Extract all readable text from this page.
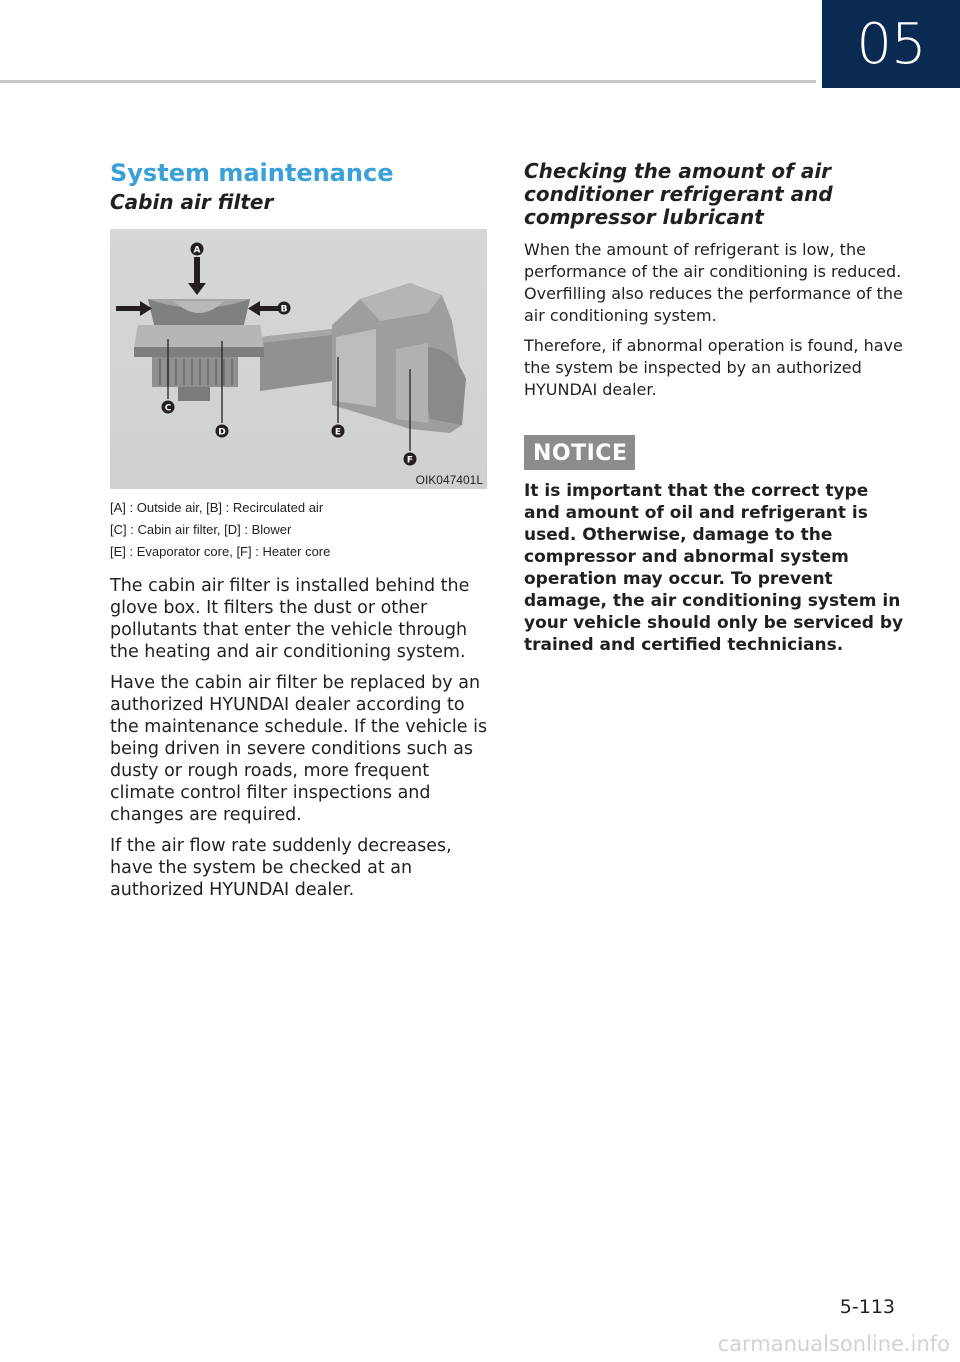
05
System maintenance
Cabin air filter
A
B
C
D	E
F
OIK047401L
[A] : Outside air, [B] : Recirculated air
[C] : Cabin air filter, [D] : Blower
[E] : Evaporator core, [F] : Heater core

The cabin air filter is installed behind the glove box. It filters the dust or other pollutants that enter the vehicle through the heating and air conditioning system.

Have the cabin air filter be replaced by an authorized HYUNDAI dealer according to the maintenance schedule. If the vehicle is being driven in severe conditions such as dusty or rough roads, more frequent climate control filter inspections and changes are required.

If the air flow rate suddenly decreases, have the system be checked at an authorized HYUNDAI dealer.

Checking the amount of air conditioner refrigerant and compressor lubricant

When the amount of refrigerant is low, the performance of the air conditioning is reduced. Overfilling also reduces the performance of the air conditioning system.

Therefore, if abnormal operation is found, have the system be inspected by an authorized HYUNDAI dealer.

NOTICE
It is important that the correct type and amount of oil and refrigerant is used. Otherwise, damage to the compressor and abnormal system operation may occur. To prevent damage, the air conditioning system in your vehicle should only be serviced by trained and certified technicians.
5-113
carmanualsonline.info
